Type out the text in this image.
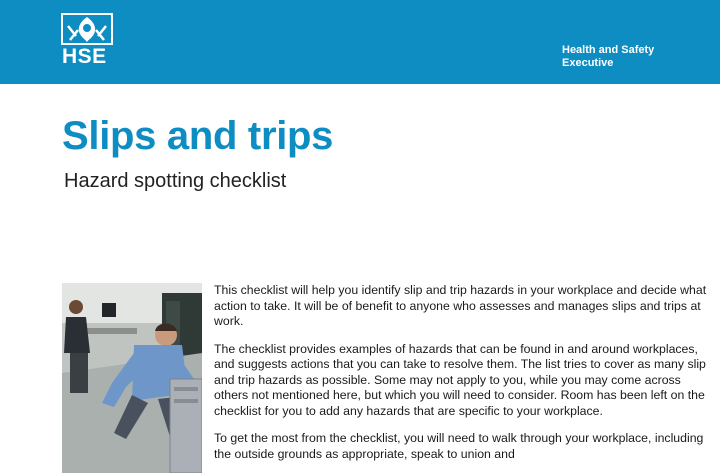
HSE	Health and Safety
Executive
Slips and trips
Hazard spotting checklist

This checklist will help you identify slip and trip hazards in your workplace and decide what action to take. It will be of benefit to anyone who assesses and manages slips and trips at work.

The checklist provides examples of hazards that can be found in and around workplaces, and suggests actions that you can take to resolve them. The list tries to cover as many slip and trip hazards as possible. Some may not apply to you, while you may come across others not mentioned here, but which you will need to consider. Room has been left on the checklist for you to add any hazards that are specific to your workplace.

To get the most from the checklist, you will need to walk through your workplace, including the outside grounds as appropriate, speak to union and
